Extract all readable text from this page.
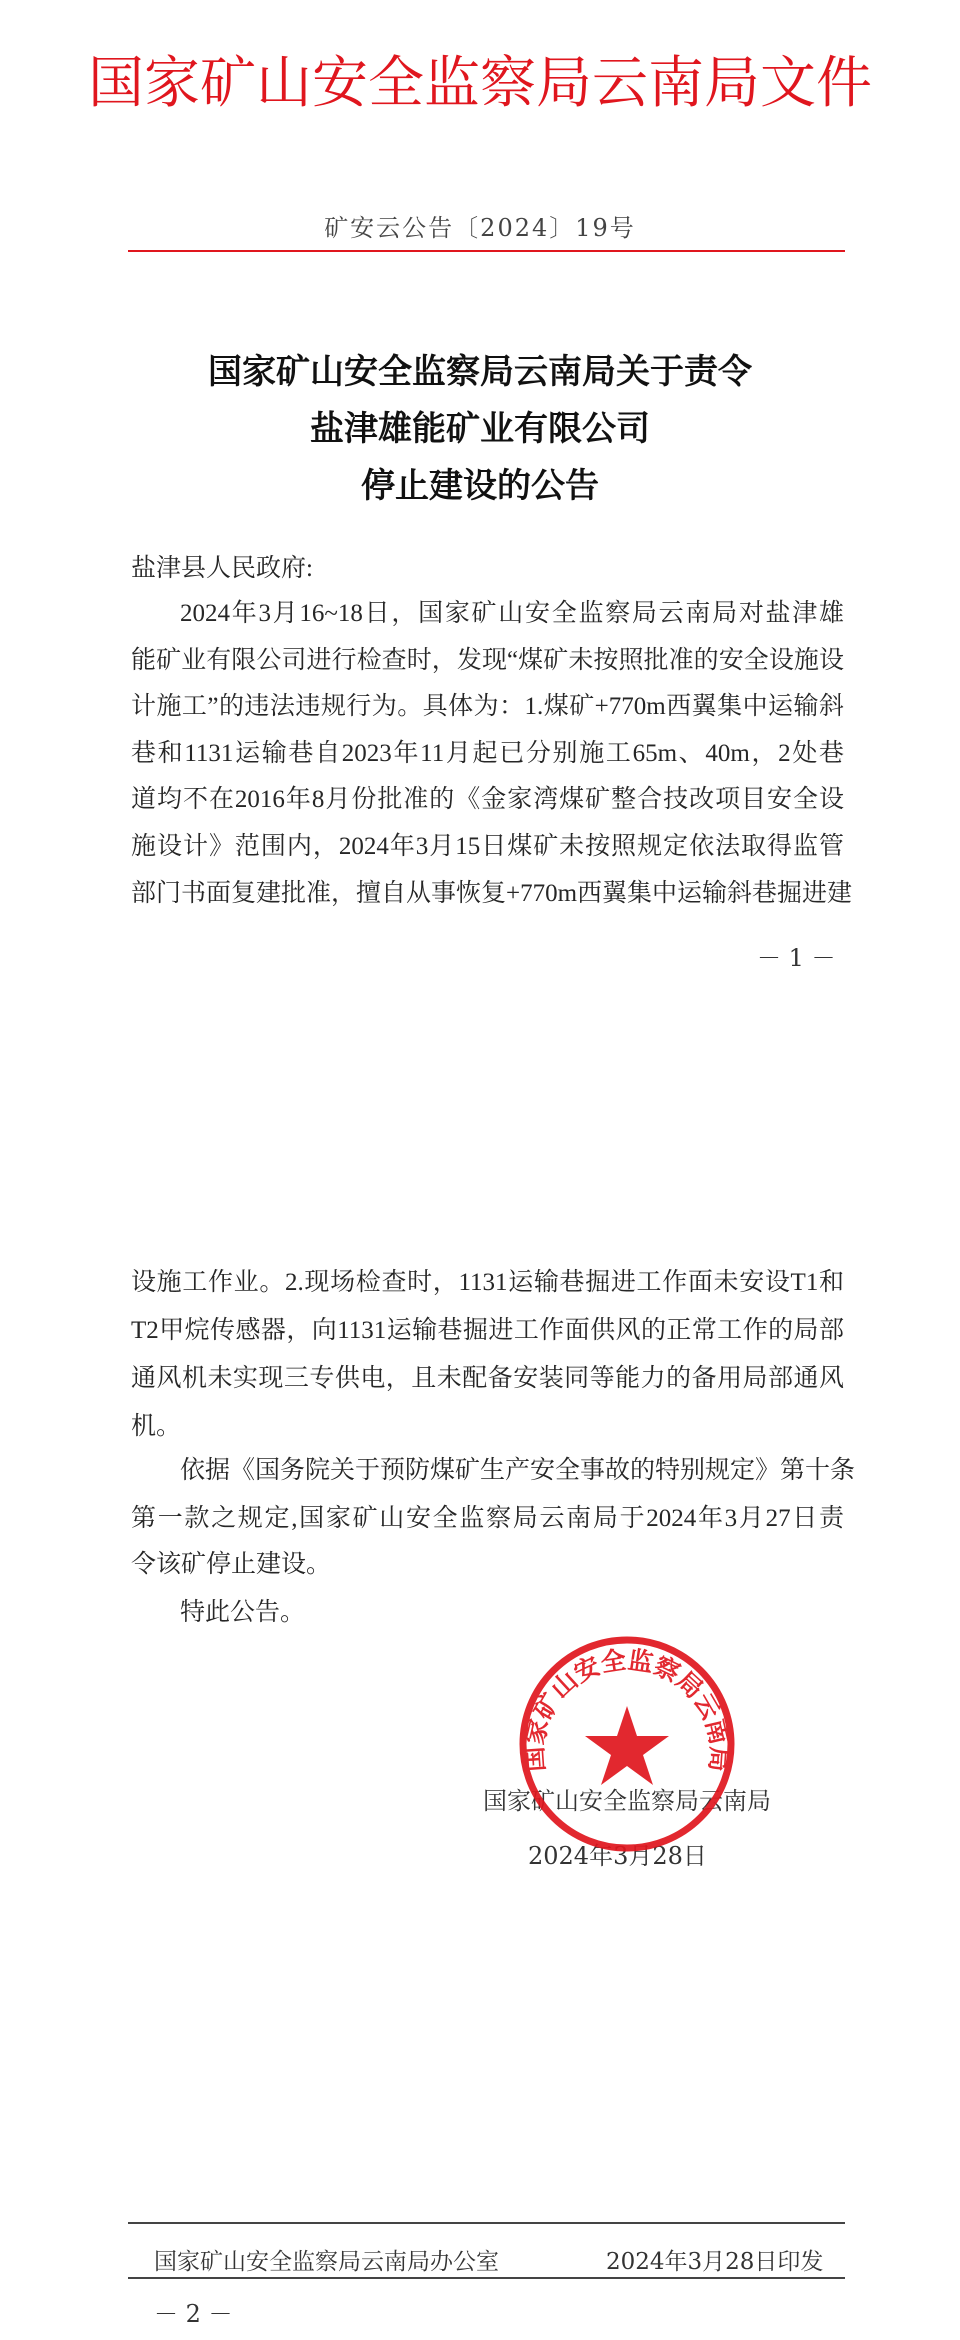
国家矿山安全监察局云南局文件
矿安云公告〔2024〕19号
国家矿山安全监察局云南局关于责令
盐津雄能矿业有限公司
停止建设的公告
盐津县人民政府:
2024年3月16~18日，国家矿山安全监察局云南局对盐津雄
能矿业有限公司进行检查时，发现“煤矿未按照批准的安全设施设
计施工”的违法违规行为。具体为：1.煤矿+770m西翼集中运输斜
巷和1131运输巷自2023年11月起已分别施工65m、40m，2处巷
道均不在2016年8月份批准的《金家湾煤矿整合技改项目安全设
施设计》范围内，2024年3月15日煤矿未按照规定依法取得监管
部门书面复建批准，擅自从事恢复+770m西翼集中运输斜巷掘进建
－ 1 －
设施工作业。2.现场检查时，1131运输巷掘进工作面未安设T1和
T2甲烷传感器，向1131运输巷掘进工作面供风的正常工作的局部
通风机未实现三专供电，且未配备安装同等能力的备用局部通风
机。
依据《国务院关于预防煤矿生产安全事故的特别规定》第十条
第一款之规定,国家矿山安全监察局云南局于2024年3月27日责
令该矿停止建设。
特此公告。
国家矿山安全监察局云南局
2024年3月28日
国家矿山安全监察局云南局
国家矿山安全监察局云南局办公室	2024年3月28日印发
－ 2 －
